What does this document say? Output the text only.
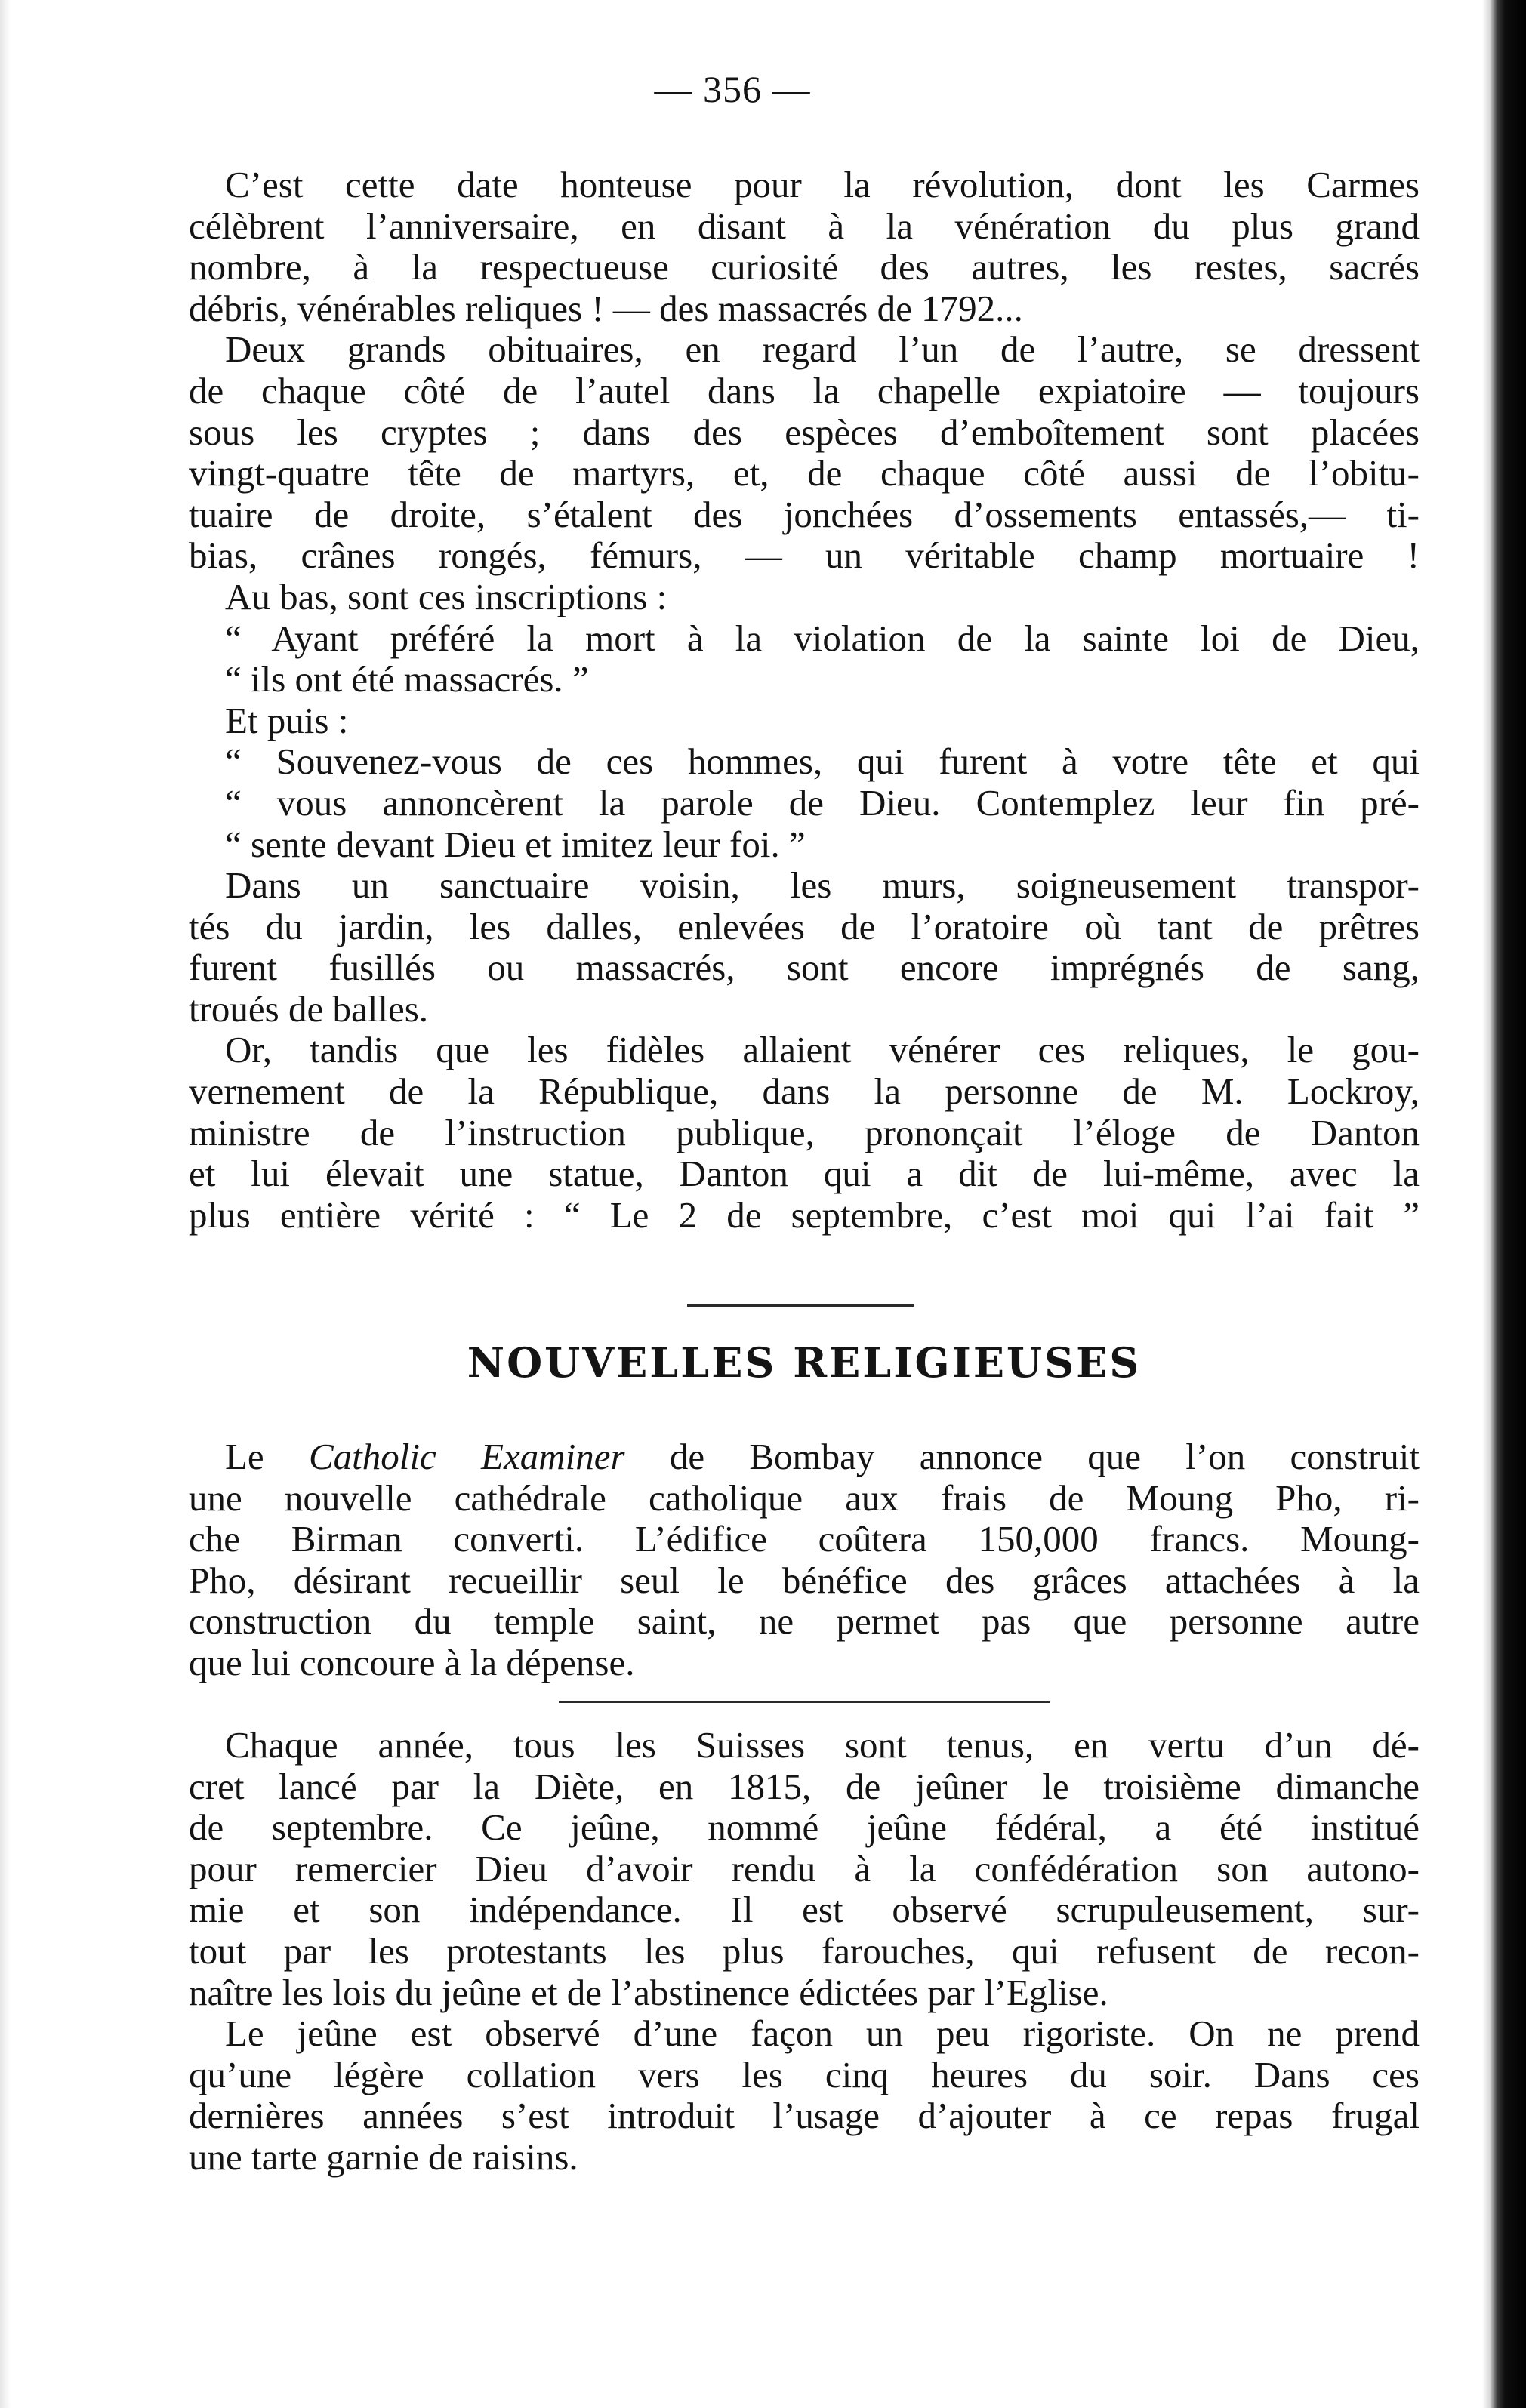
— 356 —
C’est cette date honteuse pour la révolution, dont les Carmes
célèbrent l’anniversaire, en disant à la vénération du plus grand
nombre, à la respectueuse curiosité des autres, les restes, sacrés
débris, vénérables reliques ! — des massacrés de 1792...
Deux grands obituaires, en regard l’un de l’autre, se dressent
de chaque côté de l’autel dans la chapelle expiatoire — toujours
sous les cryptes ; dans des espèces d’emboîtement sont placées
vingt-quatre tête de martyrs, et, de chaque côté aussi de l’obitu-
tuaire de droite, s’étalent des jonchées d’ossements entassés,— ti-
bias, crânes rongés, fémurs, — un véritable champ mortuaire !
Au bas, sont ces inscriptions :
“ Ayant préféré la mort à la violation de la sainte loi de Dieu,
“ ils ont été massacrés. ”
Et puis :
“ Souvenez-vous de ces hommes, qui furent à votre tête et qui
“ vous annoncèrent la parole de Dieu. Contemplez leur fin pré-
“ sente devant Dieu et imitez leur foi. ”
Dans un sanctuaire voisin, les murs, soigneusement transpor-
tés du jardin, les dalles, enlevées de l’oratoire où tant de prêtres
furent fusillés ou massacrés, sont encore imprégnés de sang,
troués de balles.
Or, tandis que les fidèles allaient vénérer ces reliques, le gou-
vernement de la République, dans la personne de M. Lockroy,
ministre de l’instruction publique, prononçait l’éloge de Danton
et lui élevait une statue, Danton qui a dit de lui-même, avec la
plus entière vérité : “ Le 2 de septembre, c’est moi qui l’ai fait ”
NOUVELLES RELIGIEUSES
Le Catholic Examiner de Bombay annonce que l’on construit
une nouvelle cathédrale catholique aux frais de Moung Pho, ri-
che Birman converti. L’édifice coûtera 150,000 francs. Moung-
Pho, désirant recueillir seul le bénéfice des grâces attachées à la
construction du temple saint, ne permet pas que personne autre
que lui concoure à la dépense.
Chaque année, tous les Suisses sont tenus, en vertu d’un dé-
cret lancé par la Diète, en 1815, de jeûner le troisième dimanche
de septembre. Ce jeûne, nommé jeûne fédéral, a été institué
pour remercier Dieu d’avoir rendu à la confédération son autono-
mie et son indépendance. Il est observé scrupuleusement, sur-
tout par les protestants les plus farouches, qui refusent de recon-
naître les lois du jeûne et de l’abstinence édictées par l’Eglise.
Le jeûne est observé d’une façon un peu rigoriste. On ne prend
qu’une légère collation vers les cinq heures du soir. Dans ces
dernières années s’est introduit l’usage d’ajouter à ce repas frugal
une tarte garnie de raisins.
